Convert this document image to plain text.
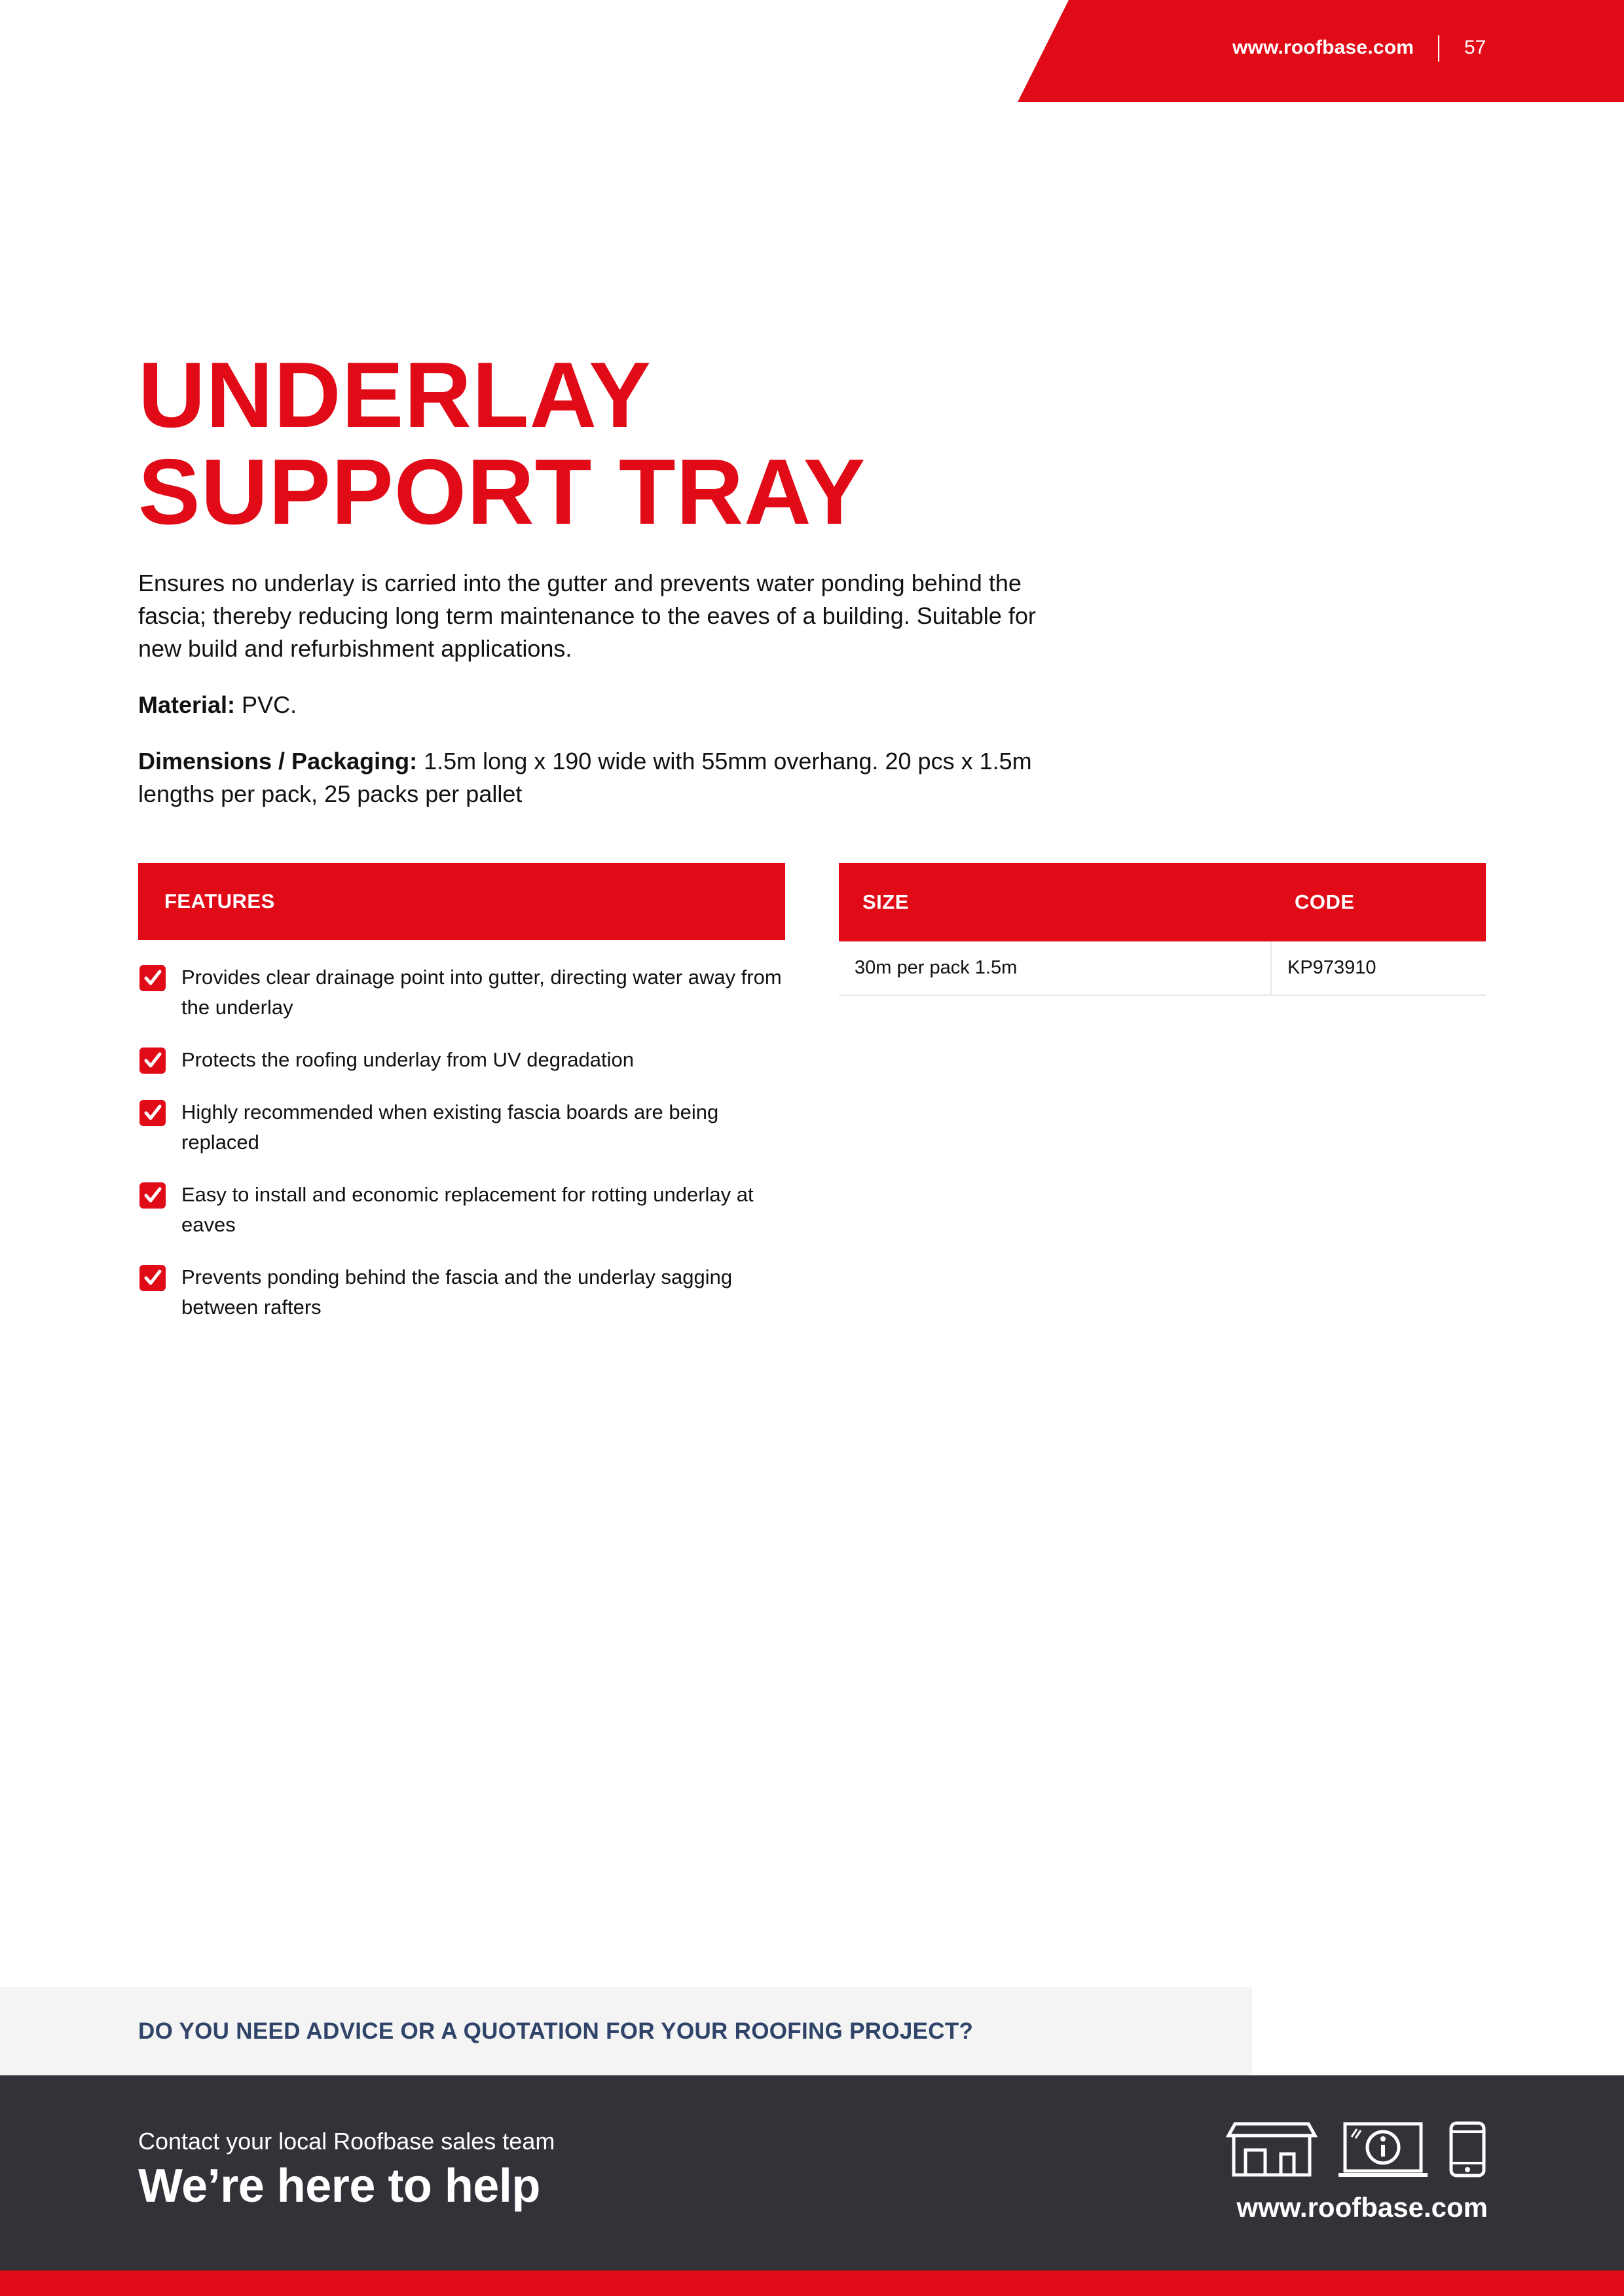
www.roofbase.com	57
UNDERLAY
SUPPORT TRAY

Ensures no underlay is carried into the gutter and prevents water ponding behind the fascia; thereby reducing long term maintenance to the eaves of a building. Suitable for new build and refurbishment applications.

Material: PVC.

Dimensions / Packaging: 1.5m long x 190 wide with 55mm overhang. 20 pcs x 1.5m lengths per pack, 25 packs per pallet

FEATURES
Provides clear drainage point into gutter, directing water away from the underlay
Protects the roofing underlay from UV degradation
Highly recommended when existing fascia boards are being replaced
Easy to install and economic replacement for rotting underlay at eaves
Prevents ponding behind the fascia and the underlay sagging between rafters
SIZE	CODE
30m per pack 1.5m	KP973910
DO YOU NEED ADVICE OR A QUOTATION FOR YOUR ROOFING PROJECT?
Contact your local Roofbase sales team
We’re here to help	www.roofbase.com
